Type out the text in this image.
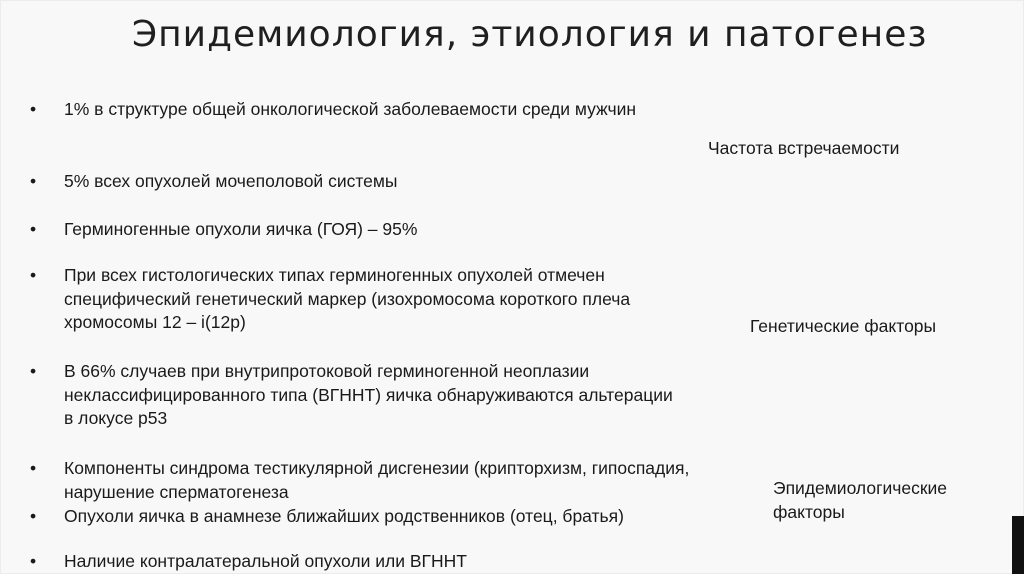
Эпидемиология, этиология и патогенез
• 1% в структуре общей онкологической заболеваемости среди мужчин
• 5% всех опухолей мочеполовой системы
• Герминогенные опухоли яичка (ГОЯ) – 95%
• При всех гистологических типах герминогенных опухолей отмечен специфический генетический маркер (изохромосома короткого плеча хромосомы 12 – i(12p)
• В 66% случаев при внутрипротоковой герминогенной неоплазии неклассифицированного типа (ВГННТ) яичка обнаруживаются альтерации в локусе p53
• Компоненты синдрома тестикулярной дисгенезии (крипторхизм, гипоспадия, нарушение сперматогенеза
• Опухоли яичка в анамнезе ближайших родственников (отец, братья)
• Наличие контралатеральной опухоли или ВГННТ
Частота встречаемости
Генетические факторы
Эпидемиологические
факторы
